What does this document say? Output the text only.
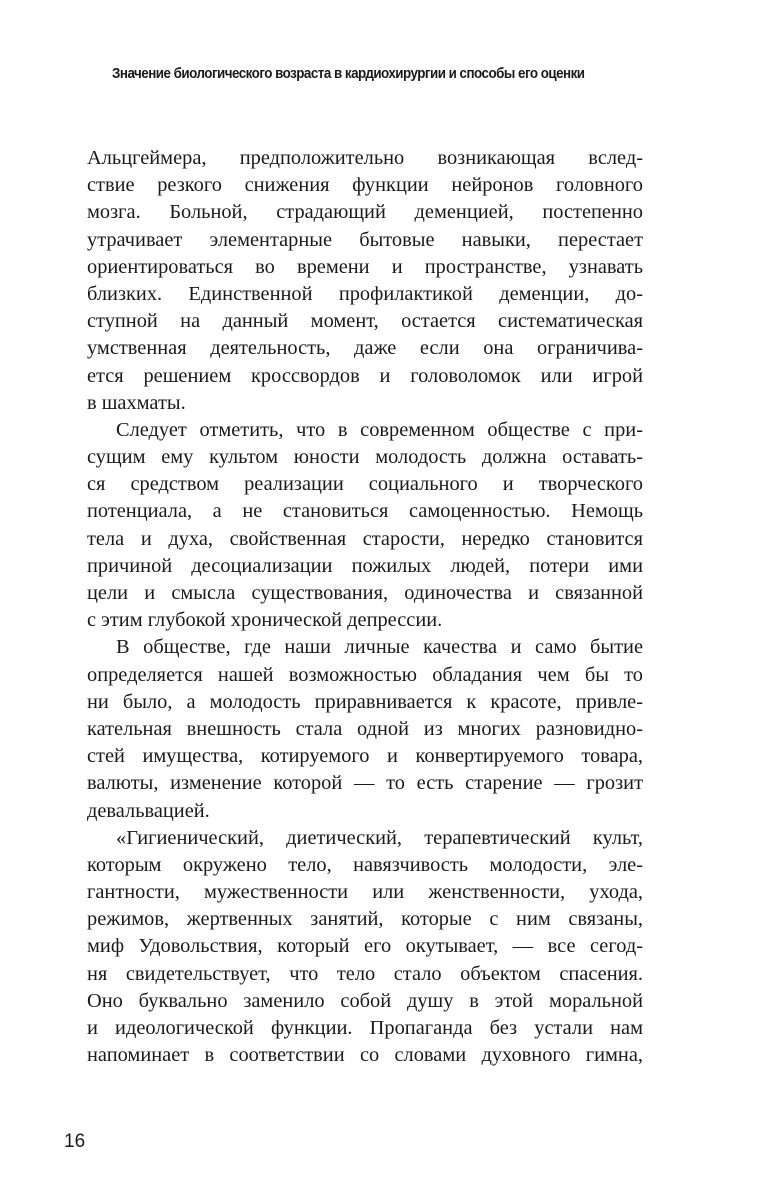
Значение биологического возраста в кардиохирургии и способы его оценки
Альцгеймера, предположительно возникающая вслед-
ствие резкого снижения функции нейронов головного
мозга. Больной, страдающий деменцией, постепенно
утрачивает элементарные бытовые навыки, перестает
ориентироваться во времени и пространстве, узнавать
близких. Единственной профилактикой деменции, до-
ступной на данный момент, остается систематическая
умственная деятельность, даже если она ограничива-
ется решением кроссвордов и головоломок или игрой
в шахматы.
Следует отметить, что в современном обществе с при-
сущим ему культом юности молодость должна оставать-
ся средством реализации социального и творческого
потенциала, а не становиться самоценностью. Немощь
тела и духа, свойственная старости, нередко становится
причиной десоциализации пожилых людей, потери ими
цели и смысла существования, одиночества и связанной
с этим глубокой хронической депрессии.
В обществе, где наши личные качества и само бытие
определяется нашей возможностью обладания чем бы то
ни было, а молодость приравнивается к красоте, привле-
кательная внешность стала одной из многих разновидно-
стей имущества, котируемого и конвертируемого товара,
валюты, изменение которой — то есть старение — грозит
девальвацией.
«Гигиенический, диетический, терапевтический культ,
которым окружено тело, навязчивость молодости, эле-
гантности, мужественности или женственности, ухода,
режимов, жертвенных занятий, которые с ним связаны,
миф Удовольствия, который его окутывает, — все сегод-
ня свидетельствует, что тело стало объектом спасения.
Оно буквально заменило собой душу в этой моральной
и идеологической функции. Пропаганда без устали нам
напоминает в соответствии со словами духовного гимна,
16
